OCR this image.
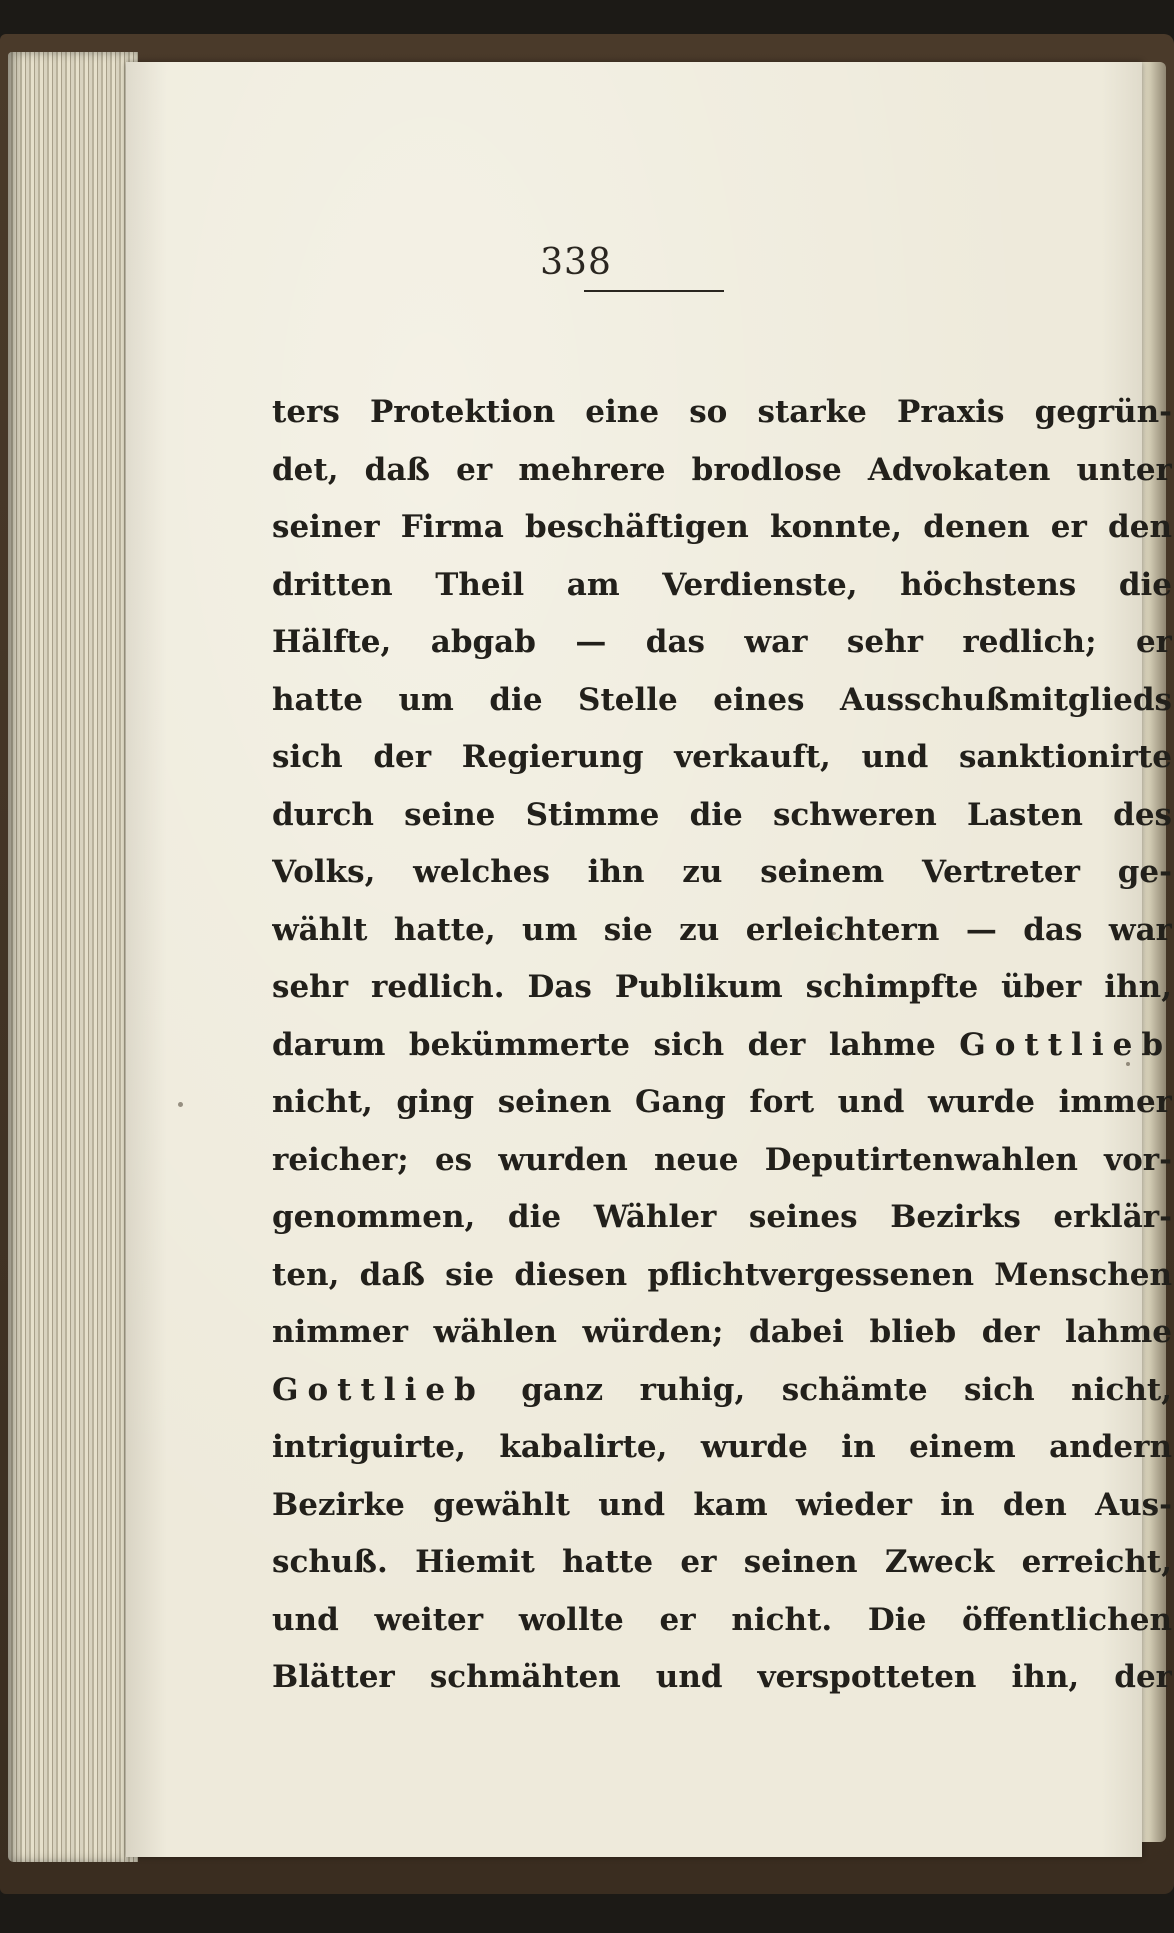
338
ters Protektion eine so starke Praxis gegrün-
det, daß er mehrere brodlose Advokaten unter
seiner Firma beschäftigen konnte, denen er den
dritten Theil am Verdienste, höchstens die
Hälfte, abgab — das war sehr redlich; er
hatte um die Stelle eines Ausschußmitglieds
sich der Regierung verkauft, und sanktionirte
durch seine Stimme die schweren Lasten des
Volks, welches ihn zu seinem Vertreter ge-
wählt hatte, um sie zu erleichtern — das war
sehr redlich. Das Publikum schimpfte über ihn,
darum bekümmerte sich der lahme Gottlieb
nicht, ging seinen Gang fort und wurde immer
reicher; es wurden neue Deputirtenwahlen vor-
genommen, die Wähler seines Bezirks erklär-
ten, daß sie diesen pflichtvergessenen Menschen
nimmer wählen würden; dabei blieb der lahme
Gottlieb ganz ruhig, schämte sich nicht,
intriguirte, kabalirte, wurde in einem andern
Bezirke gewählt und kam wieder in den Aus-
schuß. Hiemit hatte er seinen Zweck erreicht,
und weiter wollte er nicht. Die öffentlichen
Blätter schmähten und verspotteten ihn, der
